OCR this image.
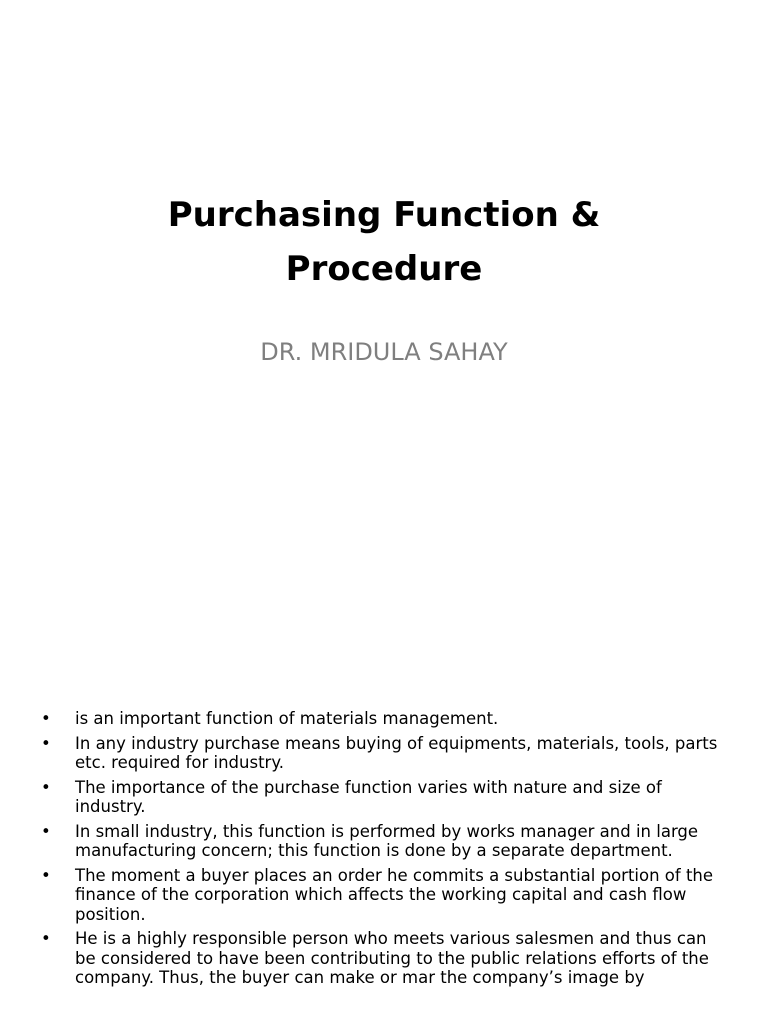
Purchasing Function &
Procedure

DR. MRIDULA SAHAY

•	is an important function of materials management.
•	In any industry purchase means buying of equipments, materials, tools, parts etc. required for industry.
•	The importance of the purchase function varies with nature and size of industry.
•	In small industry, this function is performed by works manager and in large manufacturing concern; this function is done by a separate department.
•	The moment a buyer places an order he commits a substantial portion of the finance of the corporation which affects the working capital and cash flow position.
•	He is a highly responsible person who meets various salesmen and thus can be considered to have been contributing to the public relations efforts of the company. Thus, the buyer can make or mar the company’s image by
